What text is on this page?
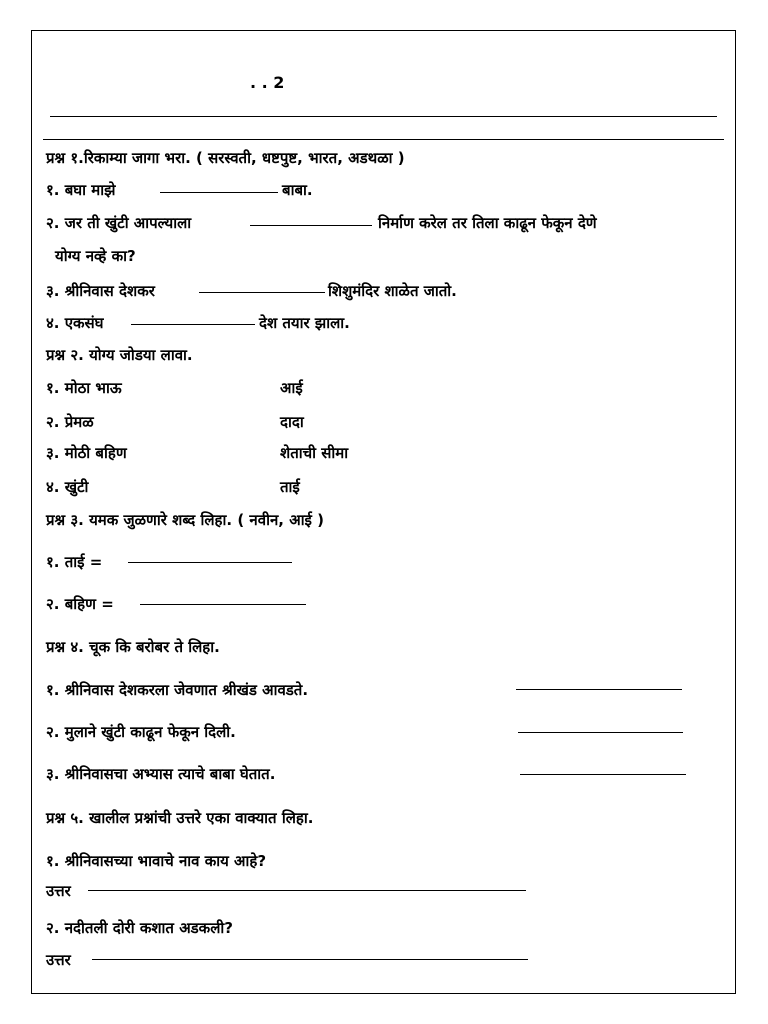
. . 2
प्रश्न १.रिकाम्या जागा भरा. ( सरस्वती, धष्टपुष्ट, भारत, अडथळा )
१. बघा माझे	बाबा.
२. जर ती खुंटी आपल्याला	निर्माण करेल तर तिला काढून फेकून देणे
योग्य नव्हे का?
३. श्रीनिवास देशकर	शिशुमंदिर शाळेत जातो.
४. एकसंघ	देश तयार झाला.
प्रश्न २. योग्य जोडया लावा.
१. मोठा भाऊ	आई
२. प्रेमळ	दादा
३. मोठी बहिण	शेताची सीमा
४. खुंटी	ताई
प्रश्न ३. यमक जुळणारे शब्द लिहा. ( नवीन, आई )
१. ताई =
२. बहिण =
प्रश्न ४. चूक कि बरोबर ते लिहा.
१. श्रीनिवास देशकरला जेवणात श्रीखंड आवडते.
२. मुलाने खुंटी काढून फेकून दिली.
३. श्रीनिवासचा अभ्यास त्याचे बाबा घेतात.
प्रश्न ५. खालील प्रश्नांची उत्तरे एका वाक्यात लिहा.
१. श्रीनिवासच्या भावाचे नाव काय आहे?
उत्तर
२. नदीतली दोरी कशात अडकली?
उत्तर
